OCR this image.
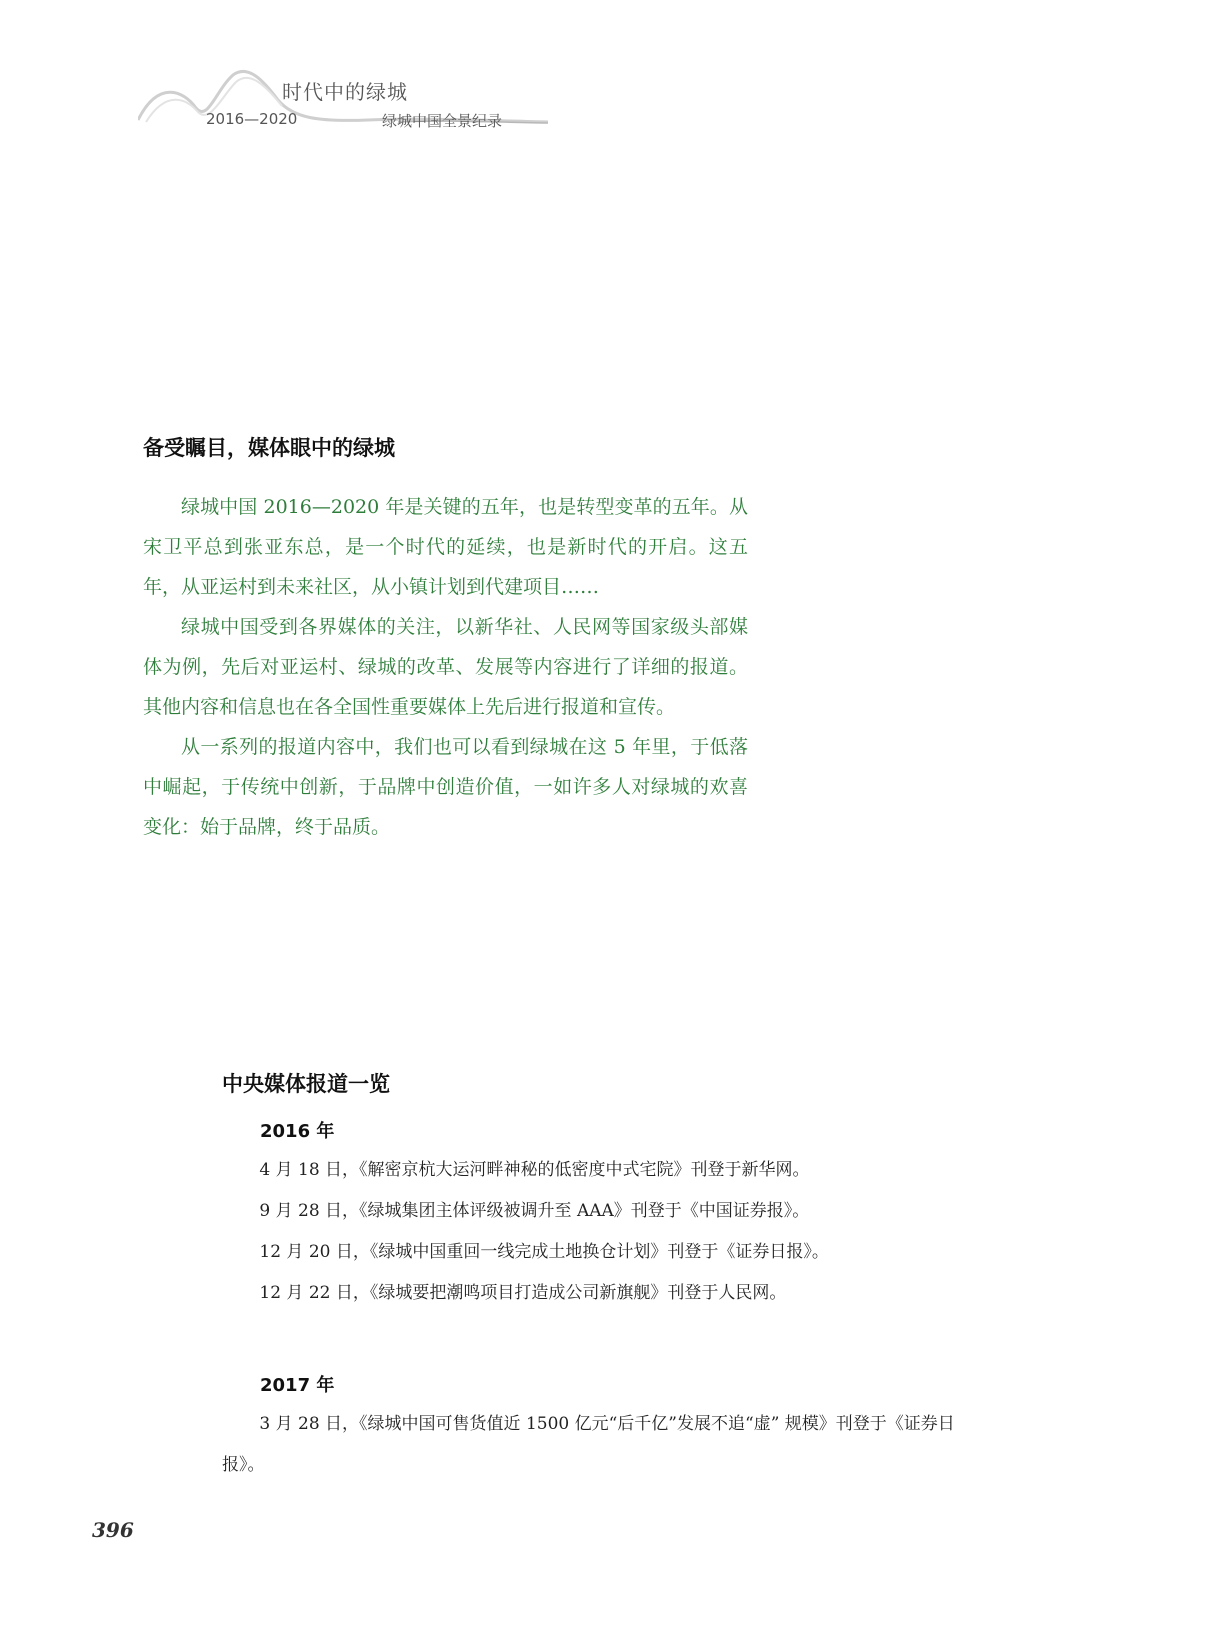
时代中的绿城
2016—2020	绿城中国全景纪录
备受瞩目，媒体眼中的绿城

绿城中国 2016—2020 年是关键的五年，也是转型变革的五年。从宋卫平总到张亚东总，是一个时代的延续，也是新时代的开启。这五年，从亚运村到未来社区，从小镇计划到代建项目……

绿城中国受到各界媒体的关注，以新华社、人民网等国家级头部媒体为例，先后对亚运村、绿城的改革、发展等内容进行了详细的报道。其他内容和信息也在各全国性重要媒体上先后进行报道和宣传。

从一系列的报道内容中，我们也可以看到绿城在这 5 年里，于低落中崛起，于传统中创新，于品牌中创造价值，一如许多人对绿城的欢喜变化：始于品牌，终于品质。

中央媒体报道一览
2016 年
4 月 18 日，《解密京杭大运河畔神秘的低密度中式宅院》刊登于新华网。
9 月 28 日，《绿城集团主体评级被调升至 AAA》刊登于《中国证券报》。
12 月 20 日，《绿城中国重回一线完成土地换仓计划》刊登于《证券日报》。
12 月 22 日，《绿城要把潮鸣项目打造成公司新旗舰》刊登于人民网。
2017 年
3 月 28 日，《绿城中国可售货值近 1500 亿元“后千亿”发展不追“虚” 规模》刊登于《证券日报》。
396
